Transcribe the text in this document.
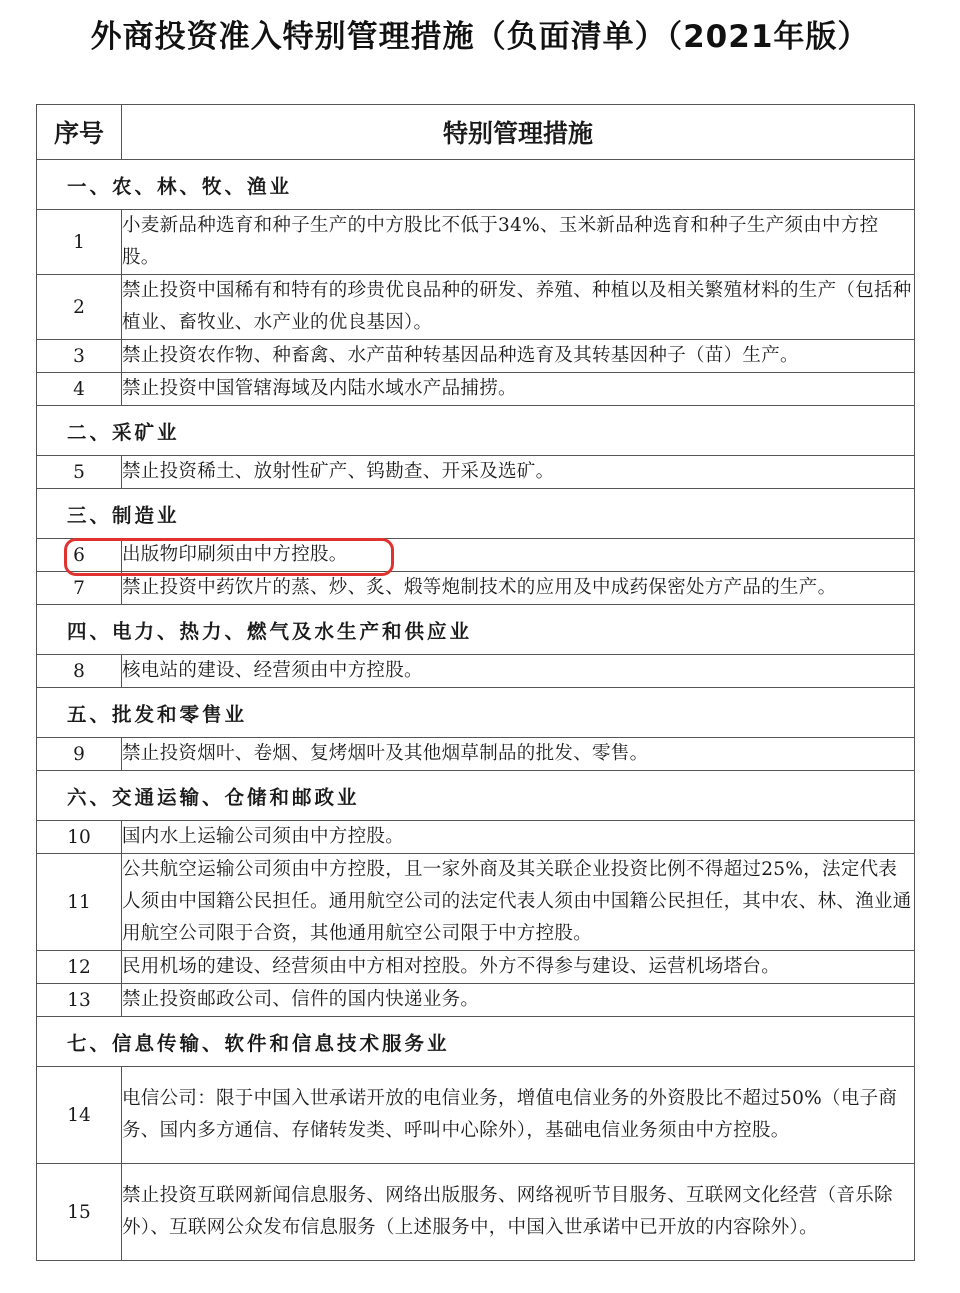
外商投资准入特别管理措施（负面清单）（2021年版）
序号	特别管理措施
一、农、林、牧、渔业	
1	小麦新品种选育和种子生产的中方股比不低于34%、玉米新品种选育和种子生产须由中方控股。
2	禁止投资中国稀有和特有的珍贵优良品种的研发、养殖、种植以及相关繁殖材料的生产（包括种植业、畜牧业、水产业的优良基因）。
3	禁止投资农作物、种畜禽、水产苗种转基因品种选育及其转基因种子（苗）生产。
4	禁止投资中国管辖海域及内陆水域水产品捕捞。
二、采矿业	
5	禁止投资稀土、放射性矿产、钨勘查、开采及选矿。
三、制造业	
6	出版物印刷须由中方控股。
7	禁止投资中药饮片的蒸、炒、炙、煅等炮制技术的应用及中成药保密处方产品的生产。
四、电力、热力、燃气及水生产和供应业	
8	核电站的建设、经营须由中方控股。
五、批发和零售业	
9	禁止投资烟叶、卷烟、复烤烟叶及其他烟草制品的批发、零售。
六、交通运输、仓储和邮政业	
10	国内水上运输公司须由中方控股。
11	公共航空运输公司须由中方控股，且一家外商及其关联企业投资比例不得超过25%，法定代表人须由中国籍公民担任。通用航空公司的法定代表人须由中国籍公民担任，其中农、林、渔业通用航空公司限于合资，其他通用航空公司限于中方控股。
12	民用机场的建设、经营须由中方相对控股。外方不得参与建设、运营机场塔台。
13	禁止投资邮政公司、信件的国内快递业务。
七、信息传输、软件和信息技术服务业	
14	电信公司：限于中国入世承诺开放的电信业务，增值电信业务的外资股比不超过50%（电子商务、国内多方通信、存储转发类、呼叫中心除外），基础电信业务须由中方控股。
15	禁止投资互联网新闻信息服务、网络出版服务、网络视听节目服务、互联网文化经营（音乐除外）、互联网公众发布信息服务（上述服务中，中国入世承诺中已开放的内容除外）。
